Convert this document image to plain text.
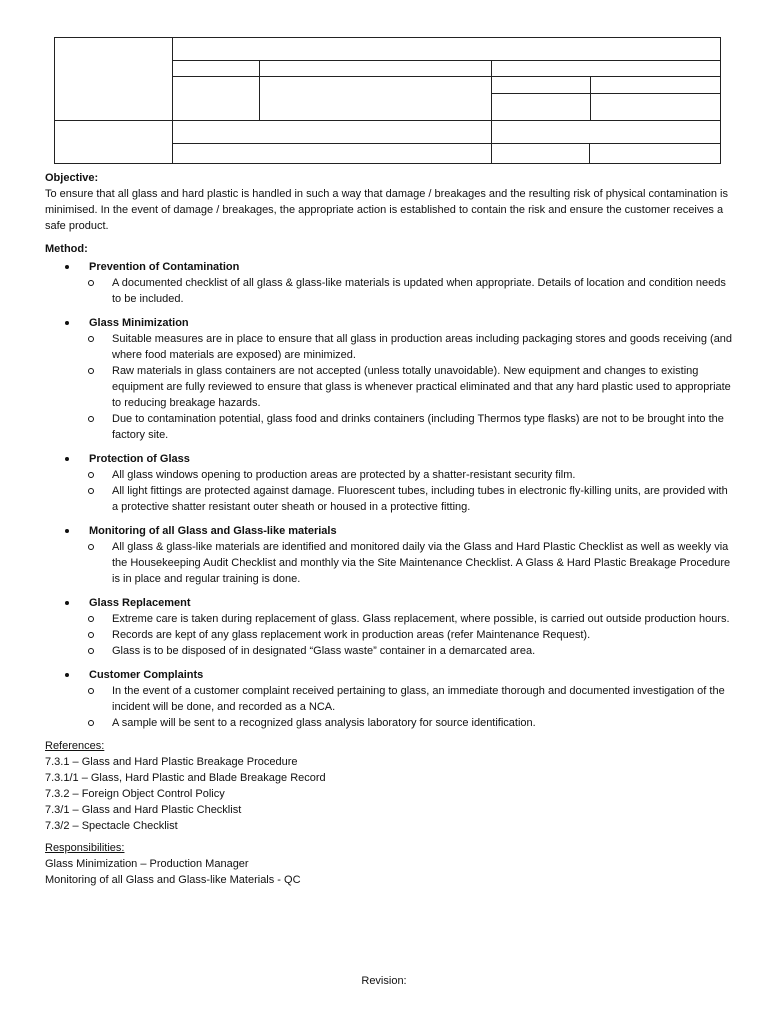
Objective:

To ensure that all glass and hard plastic is handled in such a way that damage / breakages and the resulting risk of physical contamination is minimised. In the event of damage / breakages, the appropriate action is established to contain the risk and ensure the customer receives a safe product.

Method:

Prevention of Contamination
A documented checklist of all glass & glass-like materials is updated when appropriate. Details of location and condition needs to be included.
Glass Minimization
Suitable measures are in place to ensure that all glass in production areas including packaging stores and goods receiving (and where food materials are exposed) are minimized.
Raw materials in glass containers are not accepted (unless totally unavoidable). New equipment and changes to existing equipment are fully reviewed to ensure that glass is whenever practical eliminated and that any hard plastic used to appropriate to reducing breakage hazards.
Due to contamination potential, glass food and drinks containers (including Thermos type flasks) are not to be brought into the factory site.
Protection of Glass
All glass windows opening to production areas are protected by a shatter-resistant security film.
All light fittings are protected against damage. Fluorescent tubes, including tubes in electronic fly-killing units, are provided with a protective shatter resistant outer sheath or housed in a protective fitting.
Monitoring of all Glass and Glass-like materials
All glass & glass-like materials are identified and monitored daily via the Glass and Hard Plastic Checklist as well as weekly via the Housekeeping Audit Checklist and monthly via the Site Maintenance Checklist. A Glass & Hard Plastic Breakage Procedure is in place and regular training is done.
Glass Replacement
Extreme care is taken during replacement of glass. Glass replacement, where possible, is carried out outside production hours.
Records are kept of any glass replacement work in production areas (refer Maintenance Request).
Glass is to be disposed of in designated “Glass waste” container in a demarcated area.
Customer Complaints
In the event of a customer complaint received pertaining to glass, an immediate thorough and documented investigation of the incident will be done, and recorded as a NCA.
A sample will be sent to a recognized glass analysis laboratory for source identification.

References:

7.3.1 – Glass and Hard Plastic Breakage Procedure

7.3.1/1 – Glass, Hard Plastic and Blade Breakage Record

7.3.2 – Foreign Object Control Policy

7.3/1 – Glass and Hard Plastic Checklist

7.3/2 – Spectacle Checklist

Responsibilities:

Glass Minimization – Production Manager

Monitoring of all Glass and Glass-like Materials - QC

Revision:
